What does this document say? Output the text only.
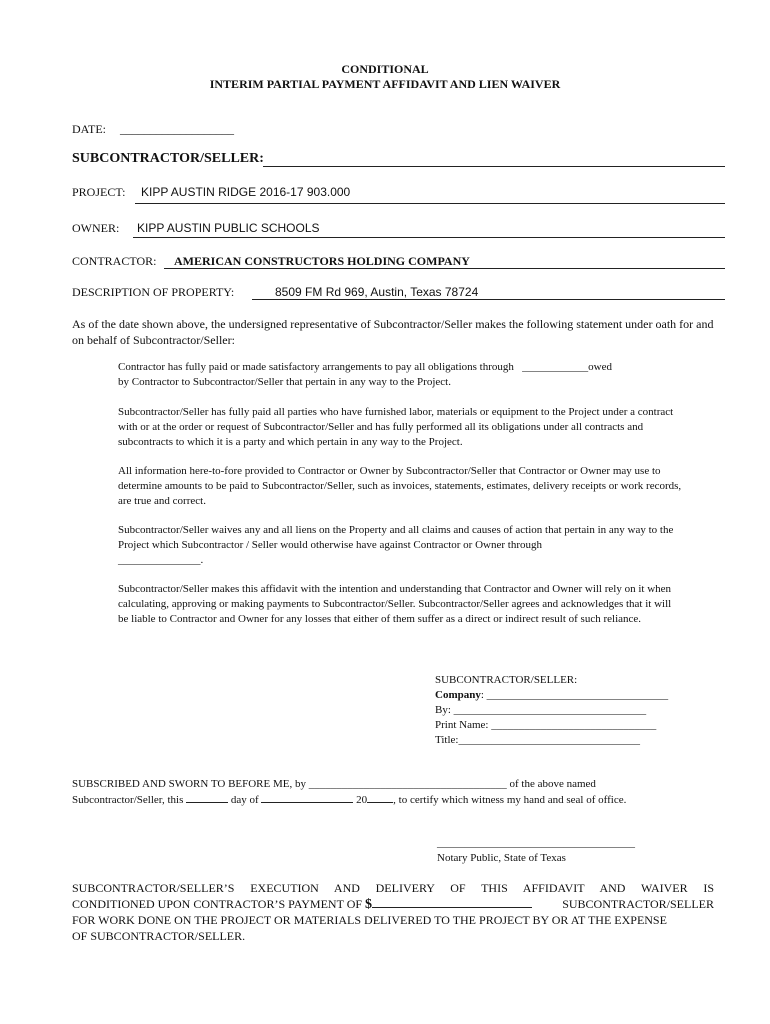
CONDITIONAL
INTERIM PARTIAL PAYMENT AFFIDAVIT AND LIEN WAIVER
DATE: ___________________
SUBCONTRACTOR/SELLER:
PROJECT: KIPP AUSTIN RIDGE 2016-17 903.000
OWNER: KIPP AUSTIN PUBLIC SCHOOLS
CONTRACTOR: AMERICAN CONSTRUCTORS HOLDING COMPANY
DESCRIPTION OF PROPERTY:	8509 FM Rd 969, Austin, Texas 78724
As of the date shown above, the undersigned representative of Subcontractor/Seller makes the following statement under oath for and on behalf of Subcontractor/Seller:
Contractor has fully paid or made satisfactory arrangements to pay all obligations through ____________owed
by Contractor to Subcontractor/Seller that pertain in any way to the Project.
Subcontractor/Seller has fully paid all parties who have furnished labor, materials or equipment to the Project under a contract with or at the order or request of Subcontractor/Seller and has fully performed all its obligations under all contracts and subcontracts to which it is a party and which pertain in any way to the Project.
All information here-to-fore provided to Contractor or Owner by Subcontractor/Seller that Contractor or Owner may use to determine amounts to be paid to Subcontractor/Seller, such as invoices, statements, estimates, delivery receipts or work records, are true and correct.
Subcontractor/Seller waives any and all liens on the Property and all claims and causes of action that pertain in any way to the Project which Subcontractor / Seller would otherwise have against Contractor or Owner through
_______________.
Subcontractor/Seller makes this affidavit with the intention and understanding that Contractor and Owner will rely on it when calculating, approving or making payments to Subcontractor/Seller. Subcontractor/Seller agrees and acknowledges that it will be liable to Contractor and Owner for any losses that either of them suffer as a direct or indirect result of such reliance.
SUBCONTRACTOR/SELLER:
Company: _________________________________
By: ___________________________________
Print Name: ______________________________
Title:_________________________________
SUBSCRIBED AND SWORN TO BEFORE ME, by ____________________________________ of the above named
Subcontractor/Seller, this	day of	20 , to certify which witness my hand and seal of office.
____________________________________
Notary Public, State of Texas
SUBCONTRACTOR/SELLER’S EXECUTION AND DELIVERY OF THIS AFFIDAVIT AND WAIVER IS
CONDITIONED UPON CONTRACTOR’S PAYMENT OF $	SUBCONTRACTOR/SELLER
FOR WORK DONE ON THE PROJECT OR MATERIALS DELIVERED TO THE PROJECT BY OR AT THE EXPENSE
OF SUBCONTRACTOR/SELLER.
